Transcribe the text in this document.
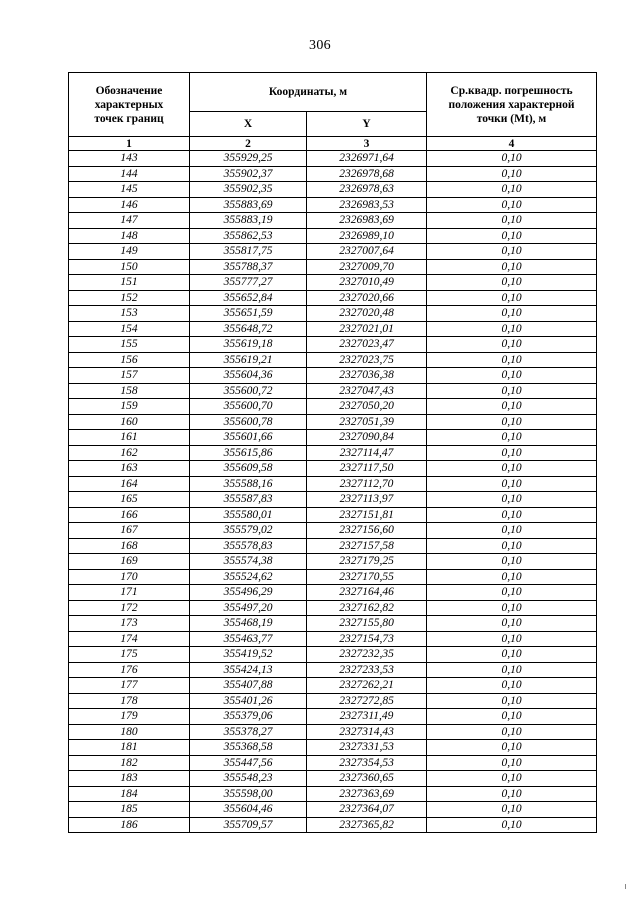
306
Обозначение
характерных
точек границ	Координаты, м		Ср.квадр. погрешность
положения характерной
точки (Mt), м
	X	Y	
1	2	3	4
143	355929,25	2326971,64	0,10
144	355902,37	2326978,68	0,10
145	355902,35	2326978,63	0,10
146	355883,69	2326983,53	0,10
147	355883,19	2326983,69	0,10
148	355862,53	2326989,10	0,10
149	355817,75	2327007,64	0,10
150	355788,37	2327009,70	0,10
151	355777,27	2327010,49	0,10
152	355652,84	2327020,66	0,10
153	355651,59	2327020,48	0,10
154	355648,72	2327021,01	0,10
155	355619,18	2327023,47	0,10
156	355619,21	2327023,75	0,10
157	355604,36	2327036,38	0,10
158	355600,72	2327047,43	0,10
159	355600,70	2327050,20	0,10
160	355600,78	2327051,39	0,10
161	355601,66	2327090,84	0,10
162	355615,86	2327114,47	0,10
163	355609,58	2327117,50	0,10
164	355588,16	2327112,70	0,10
165	355587,83	2327113,97	0,10
166	355580,01	2327151,81	0,10
167	355579,02	2327156,60	0,10
168	355578,83	2327157,58	0,10
169	355574,38	2327179,25	0,10
170	355524,62	2327170,55	0,10
171	355496,29	2327164,46	0,10
172	355497,20	2327162,82	0,10
173	355468,19	2327155,80	0,10
174	355463,77	2327154,73	0,10
175	355419,52	2327232,35	0,10
176	355424,13	2327233,53	0,10
177	355407,88	2327262,21	0,10
178	355401,26	2327272,85	0,10
179	355379,06	2327311,49	0,10
180	355378,27	2327314,43	0,10
181	355368,58	2327331,53	0,10
182	355447,56	2327354,53	0,10
183	355548,23	2327360,65	0,10
184	355598,00	2327363,69	0,10
185	355604,46	2327364,07	0,10
186	355709,57	2327365,82	0,10
